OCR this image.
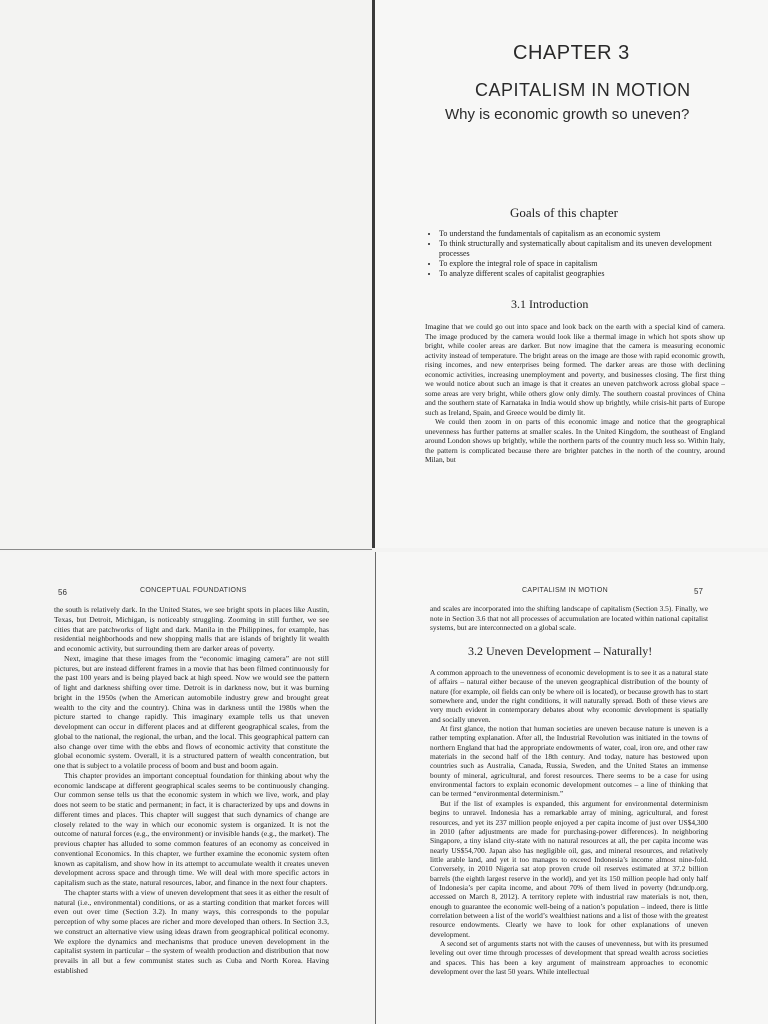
CHAPTER 3
CAPITALISM IN MOTION
Why is economic growth so uneven?
Goals of this chapter
• To understand the fundamentals of capitalism as an economic system
• To think structurally and systematically about capitalism and its uneven development processes
• To explore the integral role of space in capitalism
• To analyze different scales of capitalist geographies
3.1 Introduction

Imagine that we could go out into space and look back on the earth with a special kind of camera. The image produced by the camera would look like a thermal image in which hot spots show up bright, while cooler areas are darker. But now imagine that the camera is measuring economic activity instead of temperature. The bright areas on the image are those with rapid economic growth, rising incomes, and new enterprises being formed. The darker areas are those with declining economic activities, increasing unemployment and poverty, and businesses closing. The first thing we would notice about such an image is that it creates an uneven patchwork across global space – some areas are very bright, while others glow only dimly. The southern coastal provinces of China and the southern state of Karnataka in India would show up brightly, while crisis-hit parts of Europe such as Ireland, Spain, and Greece would be dimly lit.

We could then zoom in on parts of this economic image and notice that the geographical unevenness has further patterns at smaller scales. In the United Kingdom, the southeast of England around London shows up brightly, while the northern parts of the country much less so. Within Italy, the pattern is complicated because there are brighter patches in the north of the country, around Milan, but

56	CONCEPTUAL FOUNDATIONS

the south is relatively dark. In the United States, we see bright spots in places like Austin, Texas, but Detroit, Michigan, is noticeably struggling. Zooming in still further, we see cities that are patchworks of light and dark. Manila in the Philippines, for example, has residential neighborhoods and new shopping malls that are islands of brightly lit wealth and economic activity, but surrounding them are darker areas of poverty.

Next, imagine that these images from the “economic imaging camera” are not still pictures, but are instead different frames in a movie that has been filmed continuously for the past 100 years and is being played back at high speed. Now we would see the pattern of light and darkness shifting over time. Detroit is in darkness now, but it was burning bright in the 1950s (when the American automobile industry grew and brought great wealth to the city and the country). China was in darkness until the 1980s when the picture started to change rapidly. This imaginary example tells us that uneven development can occur in different places and at different geographical scales, from the global to the national, the regional, the urban, and the local. This geographical pattern can also change over time with the ebbs and flows of economic activity that constitute the global economic system. Overall, it is a structured pattern of wealth concentration, but one that is subject to a volatile process of boom and bust and boom again.

This chapter provides an important conceptual foundation for thinking about why the economic landscape at different geographical scales seems to be continuously changing. Our common sense tells us that the economic system in which we live, work, and play does not seem to be static and permanent; in fact, it is characterized by ups and downs in different times and places. This chapter will suggest that such dynamics of change are closely related to the way in which our economic system is organized. It is not the outcome of natural forces (e.g., the environment) or invisible hands (e.g., the market). The previous chapter has alluded to some common features of an economy as conceived in conventional Economics. In this chapter, we further examine the economic system often known as capitalism, and show how in its attempt to accumulate wealth it creates uneven development across space and through time. We will deal with more specific actors in capitalism such as the state, natural resources, labor, and finance in the next four chapters.

The chapter starts with a view of uneven development that sees it as either the result of natural (i.e., environmental) conditions, or as a starting condition that market forces will even out over time (Section 3.2). In many ways, this corresponds to the popular perception of why some places are richer and more developed than others. In Section 3.3, we construct an alternative view using ideas drawn from geographical political economy. We explore the dynamics and mechanisms that produce uneven development in the capitalist system in particular – the system of wealth production and distribution that now prevails in all but a few communist states such as Cuba and North Korea. Having established

CAPITALISM IN MOTION	57

and scales are incorporated into the shifting landscape of capitalism (Section 3.5). Finally, we note in Section 3.6 that not all processes of accumulation are located within national capitalist systems, but are interconnected on a global scale.

3.2 Uneven Development – Naturally!

A common approach to the unevenness of economic development is to see it as a natural state of affairs – natural either because of the uneven geographical distribution of the bounty of nature (for example, oil fields can only be where oil is located), or because growth has to start somewhere and, under the right conditions, it will naturally spread. Both of these views are very much evident in contemporary debates about why economic development is spatially and socially uneven.

At first glance, the notion that human societies are uneven because nature is uneven is a rather tempting explanation. After all, the Industrial Revolution was initiated in the towns of northern England that had the appropriate endowments of water, coal, iron ore, and other raw materials in the second half of the 18th century. And today, nature has bestowed upon countries such as Australia, Canada, Russia, Sweden, and the United States an immense bounty of mineral, agricultural, and forest resources. There seems to be a case for using environmental factors to explain economic development outcomes – a line of thinking that can be termed “environmental determinism.”

But if the list of examples is expanded, this argument for environmental determinism begins to unravel. Indonesia has a remarkable array of mining, agricultural, and forest resources, and yet its 237 million people enjoyed a per capita income of just over US$4,300 in 2010 (after adjustments are made for purchasing-power differences). In neighboring Singapore, a tiny island city-state with no natural resources at all, the per capita income was nearly US$54,700. Japan also has negligible oil, gas, and mineral resources, and relatively little arable land, and yet it too manages to exceed Indonesia’s income almost nine-fold. Conversely, in 2010 Nigeria sat atop proven crude oil reserves estimated at 37.2 billion barrels (the eighth largest reserve in the world), and yet its 150 million people had only half of Indonesia’s per capita income, and about 70% of them lived in poverty (hdr.undp.org, accessed on March 8, 2012). A territory replete with industrial raw materials is not, then, enough to guarantee the economic well-being of a nation’s population – indeed, there is little correlation between a list of the world’s wealthiest nations and a list of those with the greatest resource endowments. Clearly we have to look for other explanations of uneven development.

A second set of arguments starts not with the causes of unevenness, but with its presumed leveling out over time through processes of development that spread wealth across societies and spaces. This has been a key argument of mainstream approaches to economic development over the last 50 years. While intellectual
